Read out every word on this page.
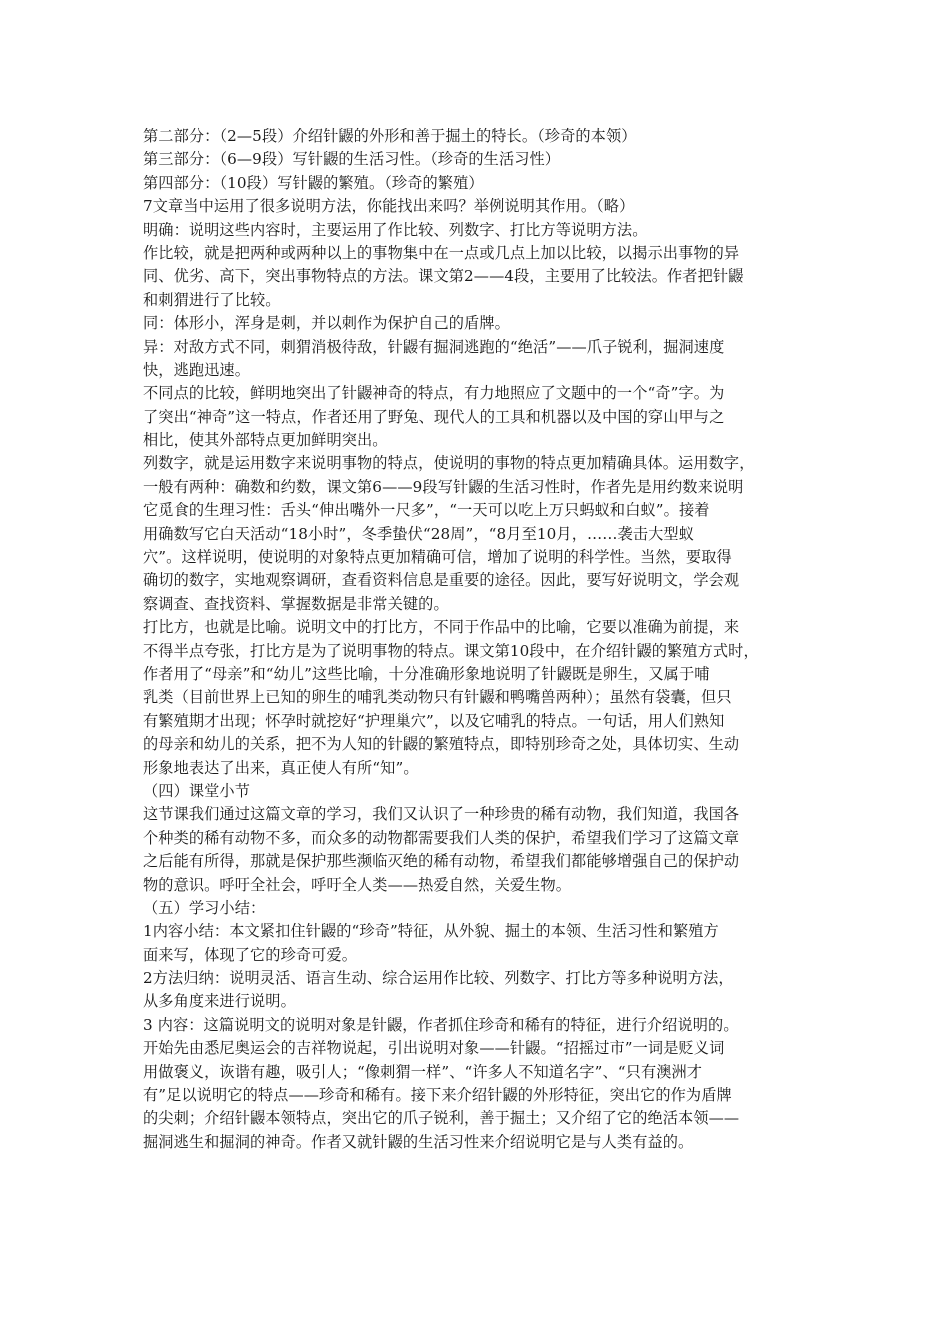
第二部分：（2—5段）介绍针鼹的外形和善于掘土的特长。（珍奇的本领）
第三部分：（6—9段）写针鼹的生活习性。（珍奇的生活习性）
第四部分：（10段）写针鼹的繁殖。（珍奇的繁殖）
7文章当中运用了很多说明方法，你能找出来吗？举例说明其作用。（略）
明确：说明这些内容时，主要运用了作比较、列数字、打比方等说明方法。
作比较，就是把两种或两种以上的事物集中在一点或几点上加以比较，以揭示出事物的异
同、优劣、高下，突出事物特点的方法。课文第2——4段，主要用了比较法。作者把针鼹
和刺猬进行了比较。
同：体形小，浑身是刺，并以刺作为保护自己的盾牌。
异：对敌方式不同，刺猬消极待敌，针鼹有掘洞逃跑的“绝活”——爪子锐利，掘洞速度
快，逃跑迅速。
不同点的比较，鲜明地突出了针鼹神奇的特点，有力地照应了文题中的一个“奇”字。为
了突出“神奇”这一特点，作者还用了野兔、现代人的工具和机器以及中国的穿山甲与之
相比，使其外部特点更加鲜明突出。
列数字，就是运用数字来说明事物的特点，使说明的事物的特点更加精确具体。运用数字，
一般有两种：确数和约数，课文第6——9段写针鼹的生活习性时，作者先是用约数来说明
它觅食的生理习性：舌头“伸出嘴外一尺多”，“一天可以吃上万只蚂蚁和白蚁”。接着
用确数写它白天活动“18小时”，冬季蛰伏“28周”，“8月至10月，……袭击大型蚁
穴”。这样说明，使说明的对象特点更加精确可信，增加了说明的科学性。当然，要取得
确切的数字，实地观察调研，查看资料信息是重要的途径。因此，要写好说明文，学会观
察调查、查找资料、掌握数据是非常关键的。
打比方，也就是比喻。说明文中的打比方，不同于作品中的比喻，它要以准确为前提，来
不得半点夸张，打比方是为了说明事物的特点。课文第10段中，在介绍针鼹的繁殖方式时，
作者用了“母亲”和“幼儿”这些比喻，十分准确形象地说明了针鼹既是卵生，又属于哺
乳类（目前世界上已知的卵生的哺乳类动物只有针鼹和鸭嘴兽两种）；虽然有袋囊，但只
有繁殖期才出现；怀孕时就挖好“护理巢穴”，以及它哺乳的特点。一句话，用人们熟知
的母亲和幼儿的关系，把不为人知的针鼹的繁殖特点，即特别珍奇之处，具体切实、生动
形象地表达了出来，真正使人有所“知”。
（四）课堂小节
这节课我们通过这篇文章的学习，我们又认识了一种珍贵的稀有动物，我们知道，我国各
个种类的稀有动物不多，而众多的动物都需要我们人类的保护，希望我们学习了这篇文章
之后能有所得，那就是保护那些濒临灭绝的稀有动物，希望我们都能够增强自己的保护动
物的意识。呼吁全社会，呼吁全人类——热爱自然，关爱生物。
（五）学习小结：
1内容小结：本文紧扣住针鼹的“珍奇”特征，从外貌、掘土的本领、生活习性和繁殖方
面来写，体现了它的珍奇可爱。
2方法归纳：说明灵活、语言生动、综合运用作比较、列数字、打比方等多种说明方法，
从多角度来进行说明。
3 内容：这篇说明文的说明对象是针鼹，作者抓住珍奇和稀有的特征，进行介绍说明的。
开始先由悉尼奥运会的吉祥物说起，引出说明对象——针鼹。“招摇过市”一词是贬义词
用做褒义，诙谐有趣，吸引人；“像刺猬一样”、“许多人不知道名字”、“只有澳洲才
有”足以说明它的特点——珍奇和稀有。接下来介绍针鼹的外形特征，突出它的作为盾牌
的尖刺；介绍针鼹本领特点，突出它的爪子锐利，善于掘土；又介绍了它的绝活本领——
掘洞逃生和掘洞的神奇。作者又就针鼹的生活习性来介绍说明它是与人类有益的。
